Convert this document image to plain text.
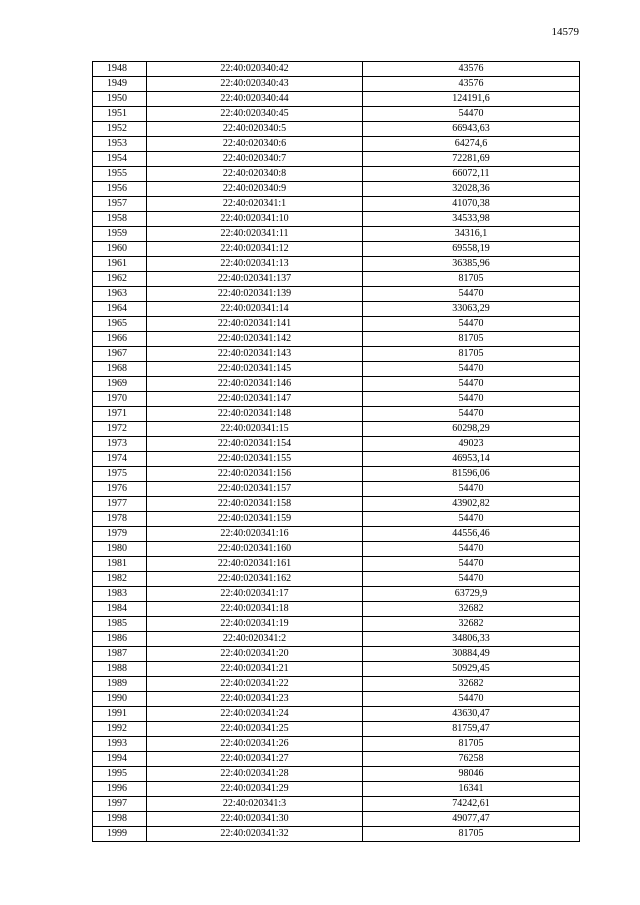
14579
1948	22:40:020340:42	43576
1949	22:40:020340:43	43576
1950	22:40:020340:44	124191,6
1951	22:40:020340:45	54470
1952	22:40:020340:5	66943,63
1953	22:40:020340:6	64274,6
1954	22:40:020340:7	72281,69
1955	22:40:020340:8	66072,11
1956	22:40:020340:9	32028,36
1957	22:40:020341:1	41070,38
1958	22:40:020341:10	34533,98
1959	22:40:020341:11	34316,1
1960	22:40:020341:12	69558,19
1961	22:40:020341:13	36385,96
1962	22:40:020341:137	81705
1963	22:40:020341:139	54470
1964	22:40:020341:14	33063,29
1965	22:40:020341:141	54470
1966	22:40:020341:142	81705
1967	22:40:020341:143	81705
1968	22:40:020341:145	54470
1969	22:40:020341:146	54470
1970	22:40:020341:147	54470
1971	22:40:020341:148	54470
1972	22:40:020341:15	60298,29
1973	22:40:020341:154	49023
1974	22:40:020341:155	46953,14
1975	22:40:020341:156	81596,06
1976	22:40:020341:157	54470
1977	22:40:020341:158	43902,82
1978	22:40:020341:159	54470
1979	22:40:020341:16	44556,46
1980	22:40:020341:160	54470
1981	22:40:020341:161	54470
1982	22:40:020341:162	54470
1983	22:40:020341:17	63729,9
1984	22:40:020341:18	32682
1985	22:40:020341:19	32682
1986	22:40:020341:2	34806,33
1987	22:40:020341:20	30884,49
1988	22:40:020341:21	50929,45
1989	22:40:020341:22	32682
1990	22:40:020341:23	54470
1991	22:40:020341:24	43630,47
1992	22:40:020341:25	81759,47
1993	22:40:020341:26	81705
1994	22:40:020341:27	76258
1995	22:40:020341:28	98046
1996	22:40:020341:29	16341
1997	22:40:020341:3	74242,61
1998	22:40:020341:30	49077,47
1999	22:40:020341:32	81705
